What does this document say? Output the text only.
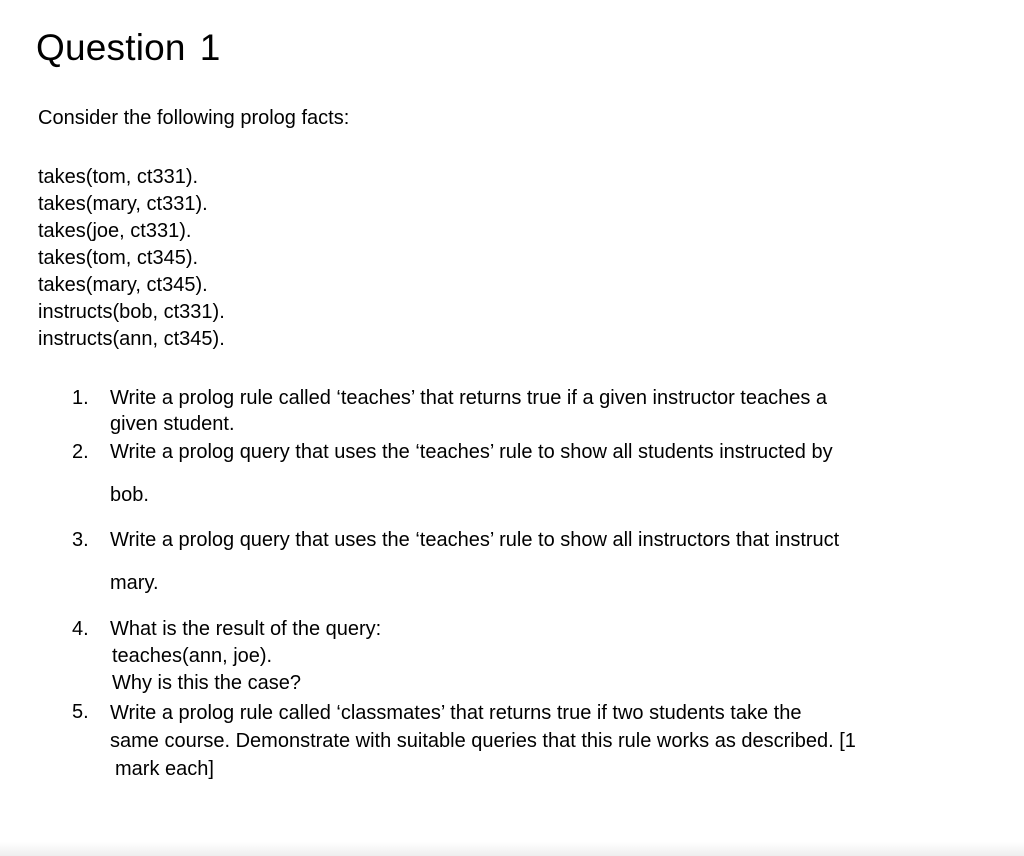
Question 1

Consider the following prolog facts:

takes(tom, ct331).
takes(mary, ct331).
takes(joe, ct331).
takes(tom, ct345).
takes(mary, ct345).
instructs(bob, ct331).
instructs(ann, ct345).
1. Write a prolog rule called ‘teaches’ that returns true if a given instructor teaches a
given student.
2. Write a prolog query that uses the ‘teaches’ rule to show all students instructed by
bob.
3. Write a prolog query that uses the ‘teaches’ rule to show all instructors that instruct
mary.
4. What is the result of the query:
teaches(ann, joe).
Why is this the case?
5. Write a prolog rule called ‘classmates’ that returns true if two students take the
same course. Demonstrate with suitable queries that this rule works as described. [1
mark each]
